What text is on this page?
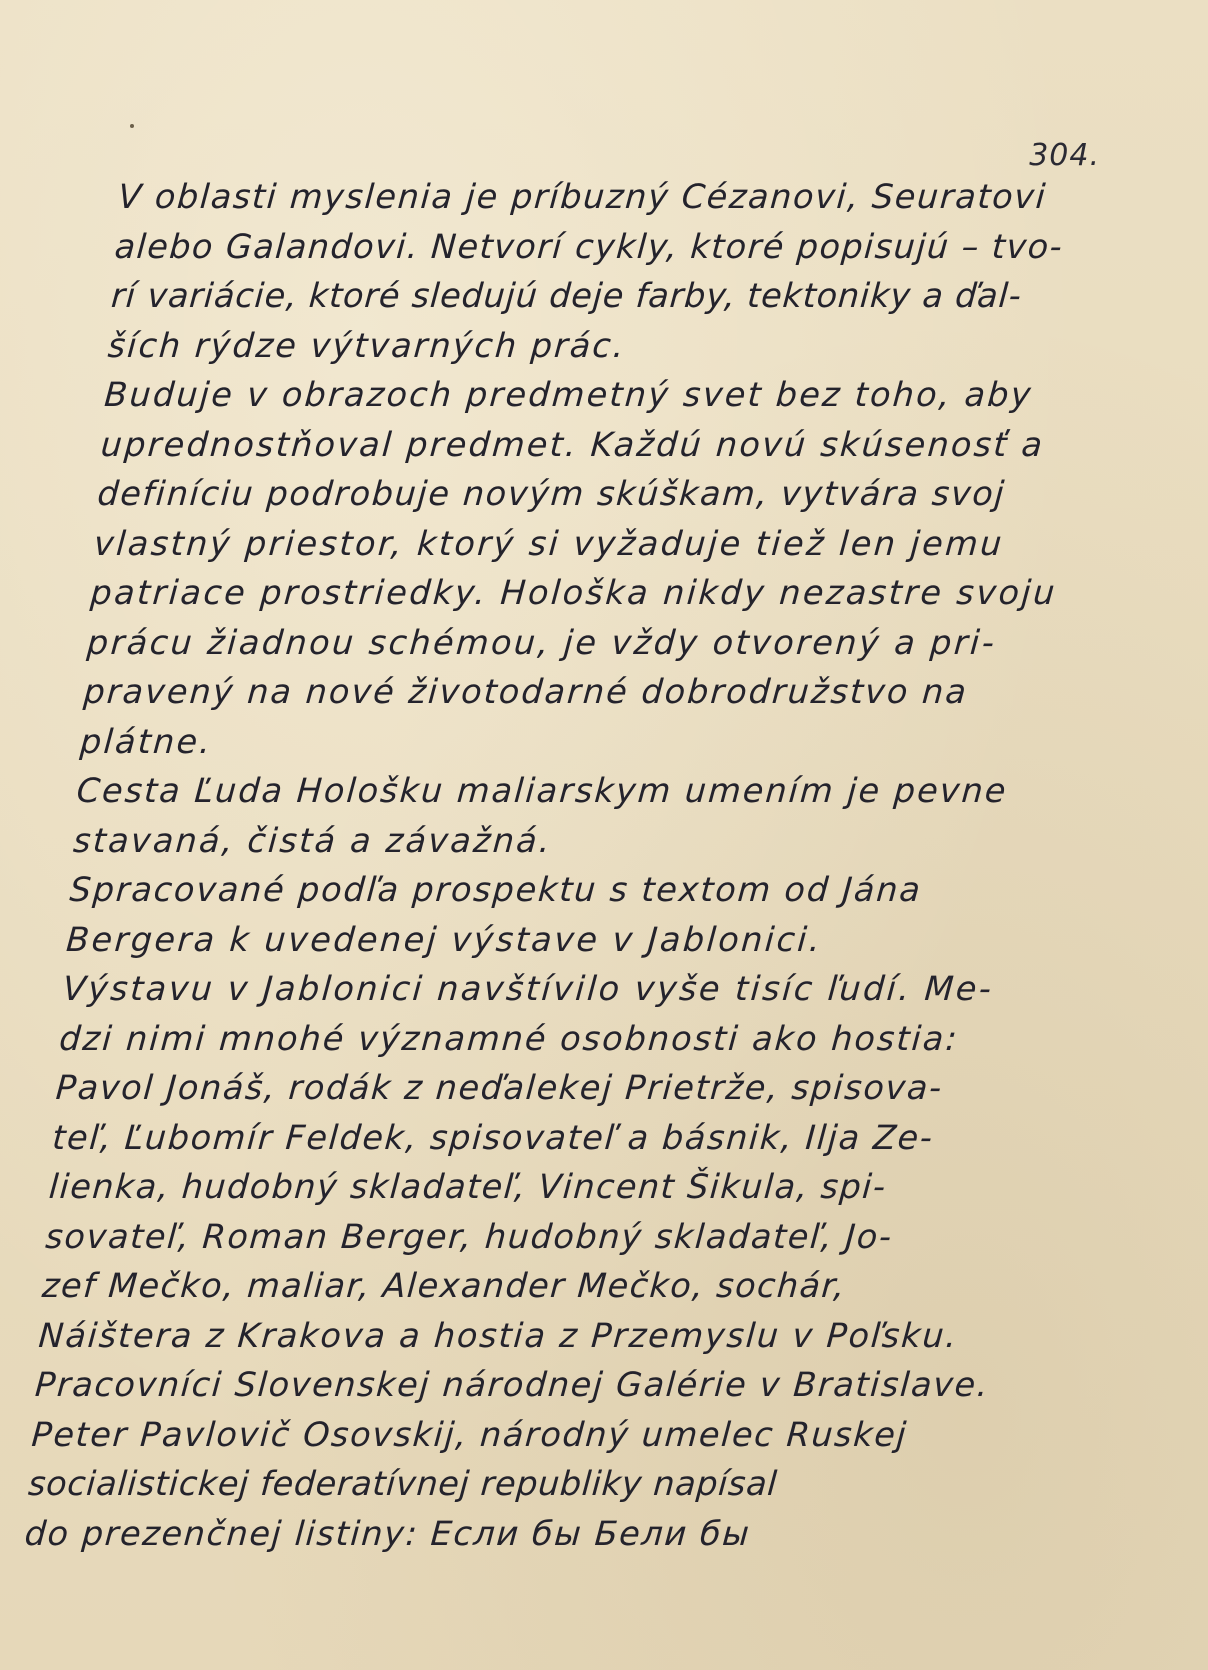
304.
V oblasti myslenia je príbuzný Cézanovi, Seuratovi
alebo Galandovi. Netvorí cykly, ktoré popisujú – tvo-
rí variácie, ktoré sledujú deje farby, tektoniky a ďal-
ších rýdze výtvarných prác.
Buduje v obrazoch predmetný svet bez toho, aby
uprednostňoval predmet. Každú novú skúsenosť a
definíciu podrobuje novým skúškam, vytvára svoj
vlastný priestor, ktorý si vyžaduje tiež len jemu
patriace prostriedky. Hološka nikdy nezastre svoju
prácu žiadnou schémou, je vždy otvorený a pri-
pravený na nové životodarné dobrodružstvo na
plátne.
Cesta Ľuda Hološku maliarskym umením je pevne
stavaná, čistá a závažná.
Spracované podľa prospektu s textom od Jána
Bergera k uvedenej výstave v Jablonici.
Výstavu v Jablonici navštívilo vyše tisíc ľudí. Me-
dzi nimi mnohé významné osobnosti ako hostia:
Pavol Jonáš, rodák z neďalekej Prietrže, spisova-
teľ, Ľubomír Feldek, spisovateľ a básnik, Ilja Ze-
lienka, hudobný skladateľ, Vincent Šikula, spi-
sovateľ, Roman Berger, hudobný skladateľ, Jo-
zef Mečko, maliar, Alexander Mečko, sochár,
Náištera z Krakova a hostia z Przemyslu v Poľsku.
Pracovníci Slovenskej národnej Galérie v Bratislave.
Peter Pavlovič Osovskij, národný umelec Ruskej
socialistickej federatívnej republiky napísal
do prezenčnej listiny: Если бы Бели бы
